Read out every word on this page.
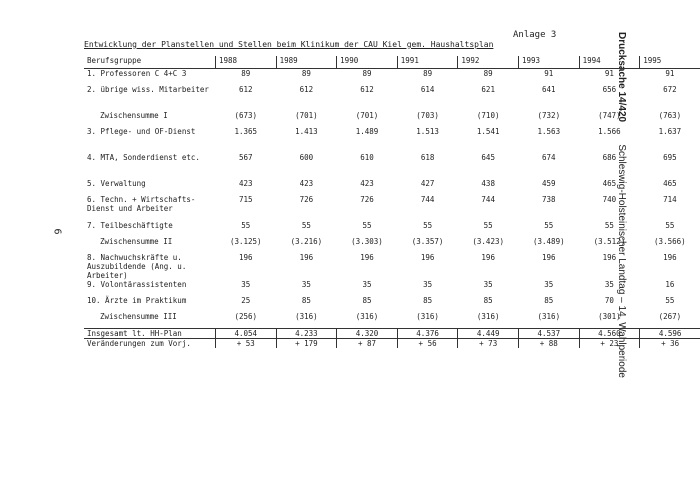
Anlage 3
Entwicklung der Planstellen und Stellen beim Klinikum der CAU Kiel gem. Haushaltsplan
6
Drucksache 14/420        Schleswig-Holsteinischer Landtag – 14. Wahlperiode
Berufsgruppe	1988	1989	1990	1991	1992	1993	1994	1995
1. Professoren C 4+C 3	89	89	89	89	89	91	91	91
2. übrige wiss. Mitarbeiter	612	612	612	614	621	641	656	672
Zwischensumme I	(673)	(701)	(701)	(703)	(710)	(732)	(747)	(763)
3. Pflege- und OF-Dienst	1.365	1.413	1.489	1.513	1.541	1.563	1.566	1.637
4. MTA, Sonderdienst etc.	567	600	610	618	645	674	686	695
5. Verwaltung	423	423	423	427	438	459	465	465
6. Techn. + Wirtschafts-Dienst und Arbeiter	715	726	726	744	744	738	740	714
7. Teilbeschäftigte	55	55	55	55	55	55	55	55
Zwischensumme II	(3.125)	(3.216)	(3.303)	(3.357)	(3.423)	(3.489)	(3.512)	(3.566)
8. Nachwuchskräfte u. Auszubildende (Ang. u. Arbeiter)	196	196	196	196	196	196	196	196
9. Volontärassistenten	35	35	35	35	35	35	35	16
10. Ärzte im Praktikum	25	85	85	85	85	85	70	55
Zwischensumme III	(256)	(316)	(316)	(316)	(316)	(316)	(301)	(267)
Insgesamt lt. HH-Plan	4.054	4.233	4.320	4.376	4.449	4.537	4.560	4.596
Veränderungen zum Vorj.	+ 53	+ 179	+ 87	+ 56	+ 73	+ 88	+ 23	+ 36
